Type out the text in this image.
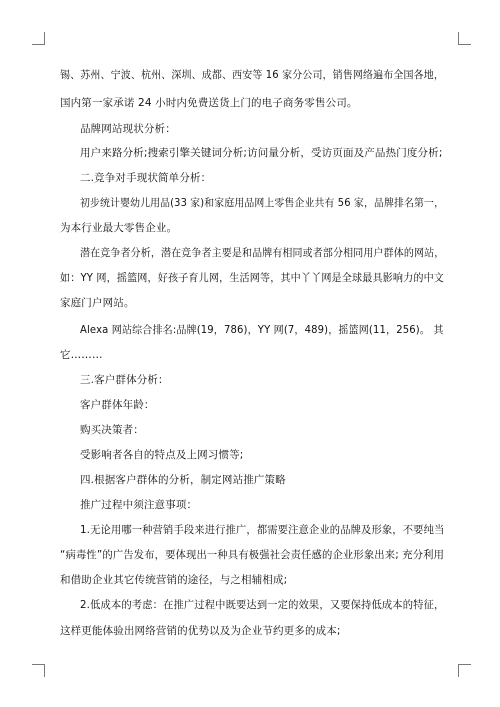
锡、苏州、宁波、杭州、深圳、成都、西安等 16 家分公司，销售网络遍布全国各地，
国内第一家承诺 24 小时内免费送货上门的电子商务零售公司。
品牌网站现状分析：
用户来路分析;搜索引擎关键词分析;访问量分析，受访页面及产品热门度分析;
二.竞争对手现状简单分析：
初步统计婴幼儿用品(33 家)和家庭用品网上零售企业共有 56 家，品牌排名第一，
为本行业最大零售企业。
潜在竞争者分析，潜在竞争者主要是和品牌有相同或者部分相同用户群体的网站，
如：YY 网，摇篮网，好孩子育儿网，生活网等，其中丫丫网是全球最具影响力的中文
家庭门户网站。
Alexa 网站综合排名:品牌(19，786)，YY 网(7，489)，摇篮网(11，256)。 其
它………
三.客户群体分析：
客户群体年龄：
购买决策者：
受影响者各自的特点及上网习惯等;
四.根据客户群体的分析，制定网站推广策略
推广过程中须注意事项：
1.无论用哪一种营销手段来进行推广，都需要注意企业的品牌及形象，不要纯当
“病毒性”的广告发布，要体现出一种具有极强社会责任感的企业形象出来; 充分利用
和借助企业其它传统营销的途径，与之相辅相成;
2.低成本的考虑：在推广过程中既要达到一定的效果，又要保持低成本的特征，
这样更能体验出网络营销的优势以及为企业节约更多的成本;
